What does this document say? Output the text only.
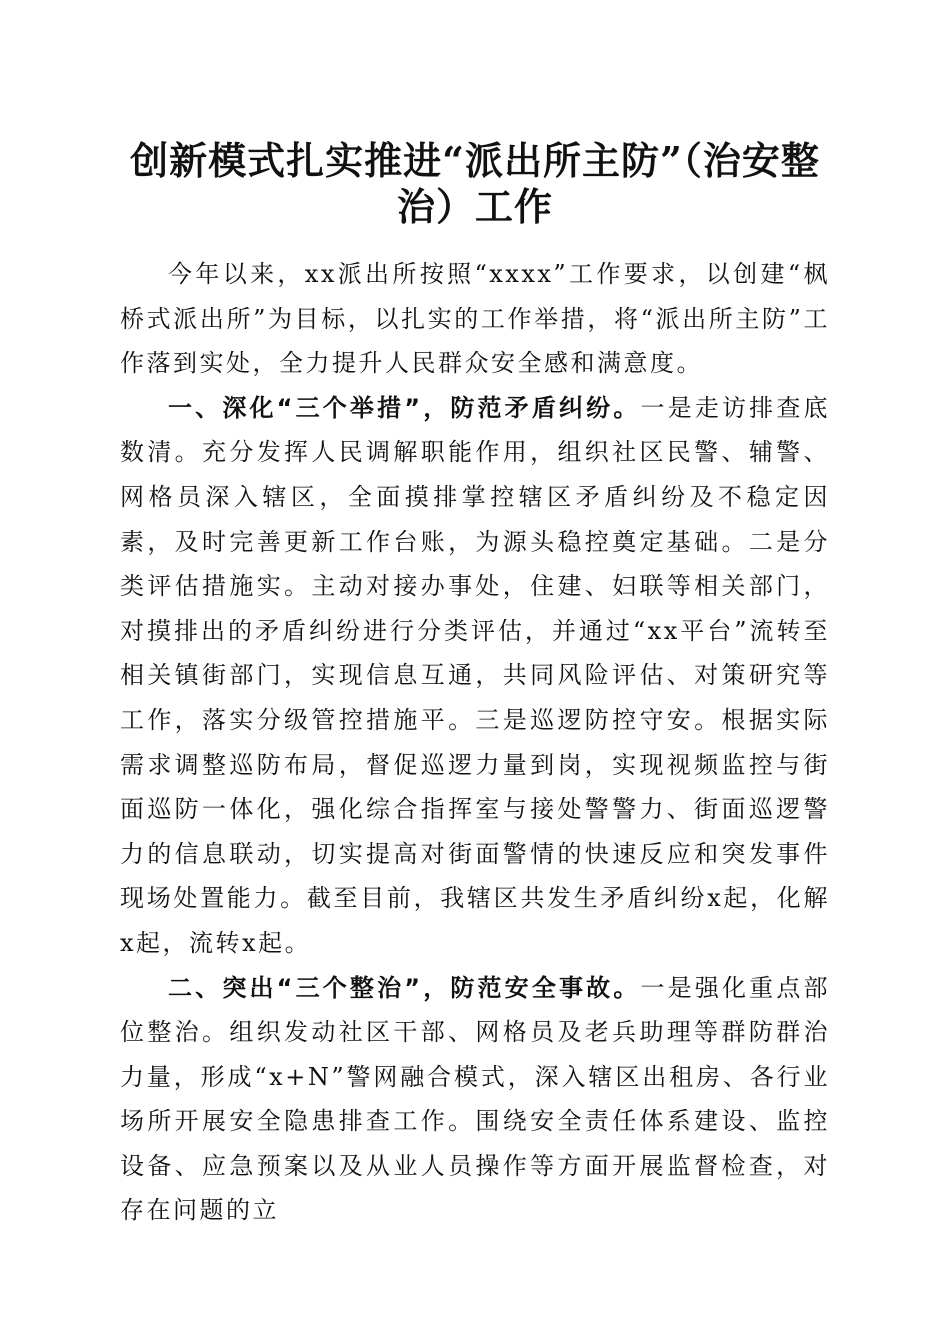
创新模式扎实推进“派出所主防”（治安整治）工作

今年以来，xx派出所按照“xxxx”工作要求，以创建“枫桥式派出所”为目标，以扎实的工作举措，将“派出所主防”工作落到实处，全力提升人民群众安全感和满意度。

一、深化“三个举措”，防范矛盾纠纷。一是走访排查底数清。充分发挥人民调解职能作用，组织社区民警、辅警、网格员深入辖区，全面摸排掌控辖区矛盾纠纷及不稳定因素，及时完善更新工作台账，为源头稳控奠定基础。二是分类评估措施实。主动对接办事处，住建、妇联等相关部门，对摸排出的矛盾纠纷进行分类评估，并通过“xx平台”流转至相关镇街部门，实现信息互通，共同风险评估、对策研究等工作，落实分级管控措施平。三是巡逻防控守安。根据实际需求调整巡防布局，督促巡逻力量到岗，实现视频监控与街面巡防一体化，强化综合指挥室与接处警警力、街面巡逻警力的信息联动，切实提高对街面警情的快速反应和突发事件现场处置能力。截至目前，我辖区共发生矛盾纠纷x起，化解x起，流转x起。

二、突出“三个整治”，防范安全事故。一是强化重点部位整治。组织发动社区干部、网格员及老兵助理等群防群治力量，形成“x+N”警网融合模式，深入辖区出租房、各行业场所开展安全隐患排查工作。围绕安全责任体系建设、监控设备、应急预案以及从业人员操作等方面开展监督检查，对存在问题的立
